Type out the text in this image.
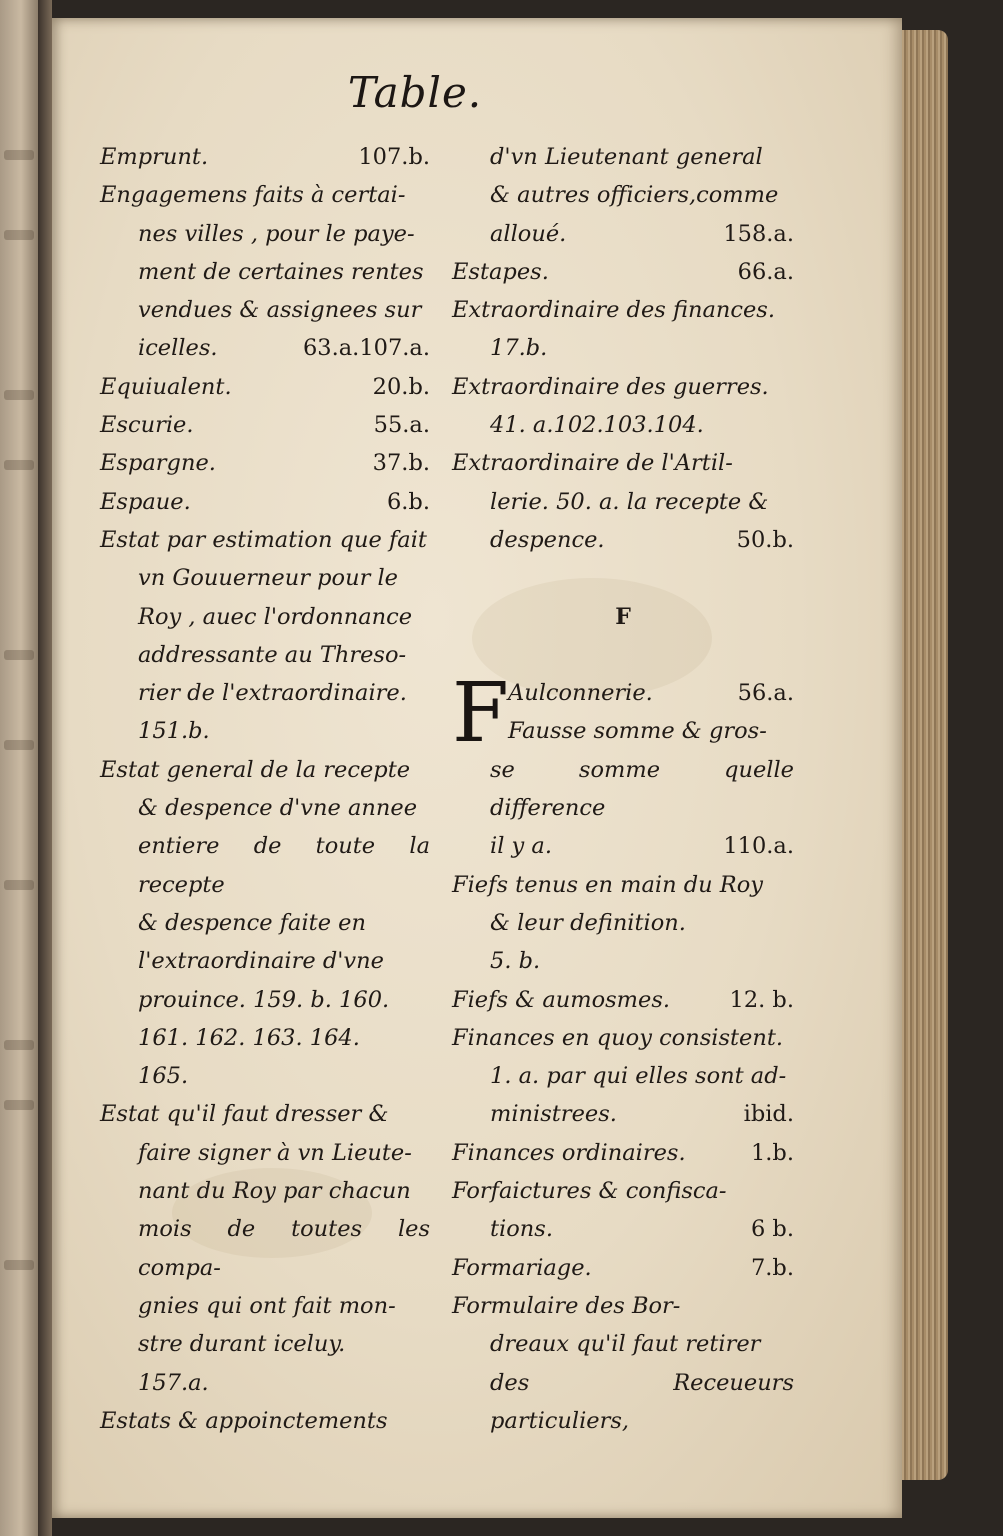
Table.
Emprunt.	107.b.
Engagemens faits à certai-
nes villes , pour le paye-
ment de certaines rentes
vendues & assignees sur
icelles.	63.a.107.a.
Equiualent.	20.b.
Escurie.	55.a.
Espargne.	37.b.
Espaue.	6.b.
Estat par estimation que fait
vn Gouuerneur pour le
Roy , auec l'ordonnance
addressante au Threso-
rier de l'extraordinaire.
151.b.
Estat general de la recepte
& despence d'vne annee
entiere de toute la recepte
& despence faite en
l'extraordinaire d'vne
prouince. 159. b. 160.
161. 162. 163. 164.
165.
Estat qu'il faut dresser &
faire signer à vn Lieute-
nant du Roy par chacun
mois de toutes les compa-
gnies qui ont fait mon-
stre durant iceluy.
157.a.
Estats & appoinctements
d'vn Lieutenant general
& autres officiers,comme
alloué.	158.a.
Estapes.	66.a.
Extraordinaire des finances.
17.b.
Extraordinaire des guerres.
41. a.102.103.104.
Extraordinaire de l'Artil-
lerie. 50. a. la recepte &
despence.	50.b.
F
F Aulconnerie.	56.a.
Fausse somme & gros-
se somme quelle difference
il y a.	110.a.
Fiefs tenus en main du Roy
& leur definition.
5. b.
Fiefs & aumosmes.	12. b.
Finances en quoy consistent.
1. a. par qui elles sont ad-
ministrees.	ibid.
Finances ordinaires.	1.b.
Forfaictures & confisca-
tions.	6 b.
Formariage.	7.b.
Formulaire des Bor-
dreaux qu'il faut retirer
des Receueurs particuliers,
